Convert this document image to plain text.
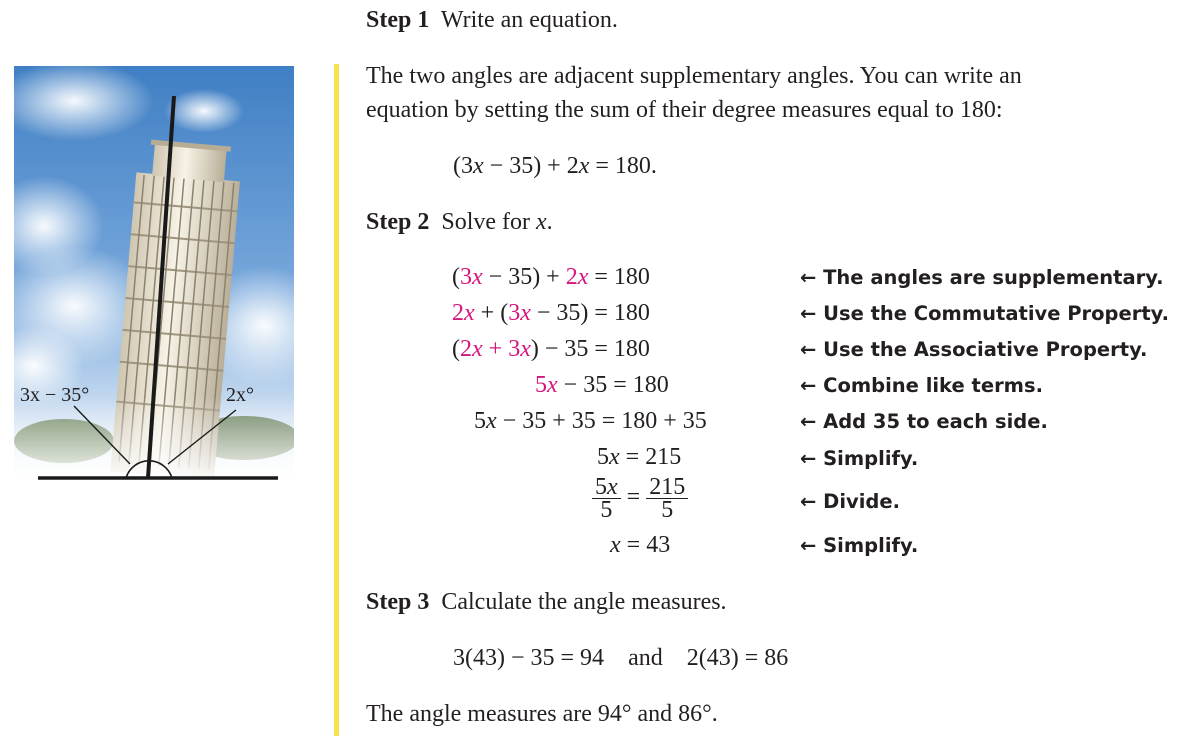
3x − 35°	2x°
Step 1 Write an equation.
The two angles are adjacent supplementary angles. You can write an
equation by setting the sum of their degree measures equal to 180:
(3x − 35) + 2x = 180.
Step 2 Solve for x.
(3x − 35) + 2x = 180
2x + (3x − 35) = 180
(2x + 3x) − 35 = 180
5x − 35 = 180
5x − 35 + 35 = 180 + 35
5x = 215
$\frac{5x}{5} = \frac{215}{5}$
x = 43
← The angles are supplementary.
← Use the Commutative Property.
← Use the Associative Property.
← Combine like terms.
← Add 35 to each side.
← Simplify.
← Divide.
← Simplify.
Step 3 Calculate the angle measures.
3(43) − 35 = 94 and 2(43) = 86
The angle measures are 94° and 86°.
